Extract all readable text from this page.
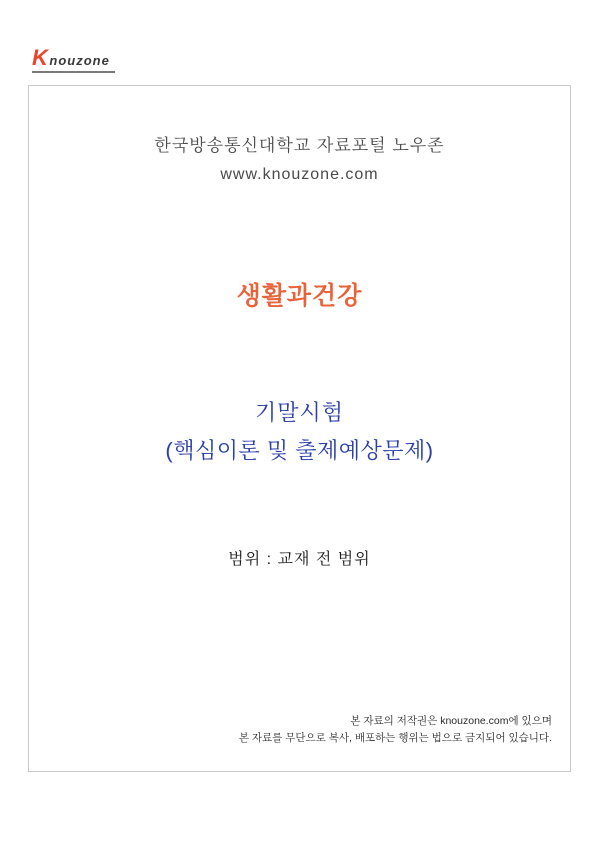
K nouzone
한국방송통신대학교 자료포털 노우존
www.knouzone.com
생활과건강
기말시험
(핵심이론 및 출제예상문제)
범위 : 교재 전 범위
본 자료의 저작권은 knouzone.com에 있으며
본 자료를 무단으로 복사, 배포하는 행위는 법으로 금지되어 있습니다.
